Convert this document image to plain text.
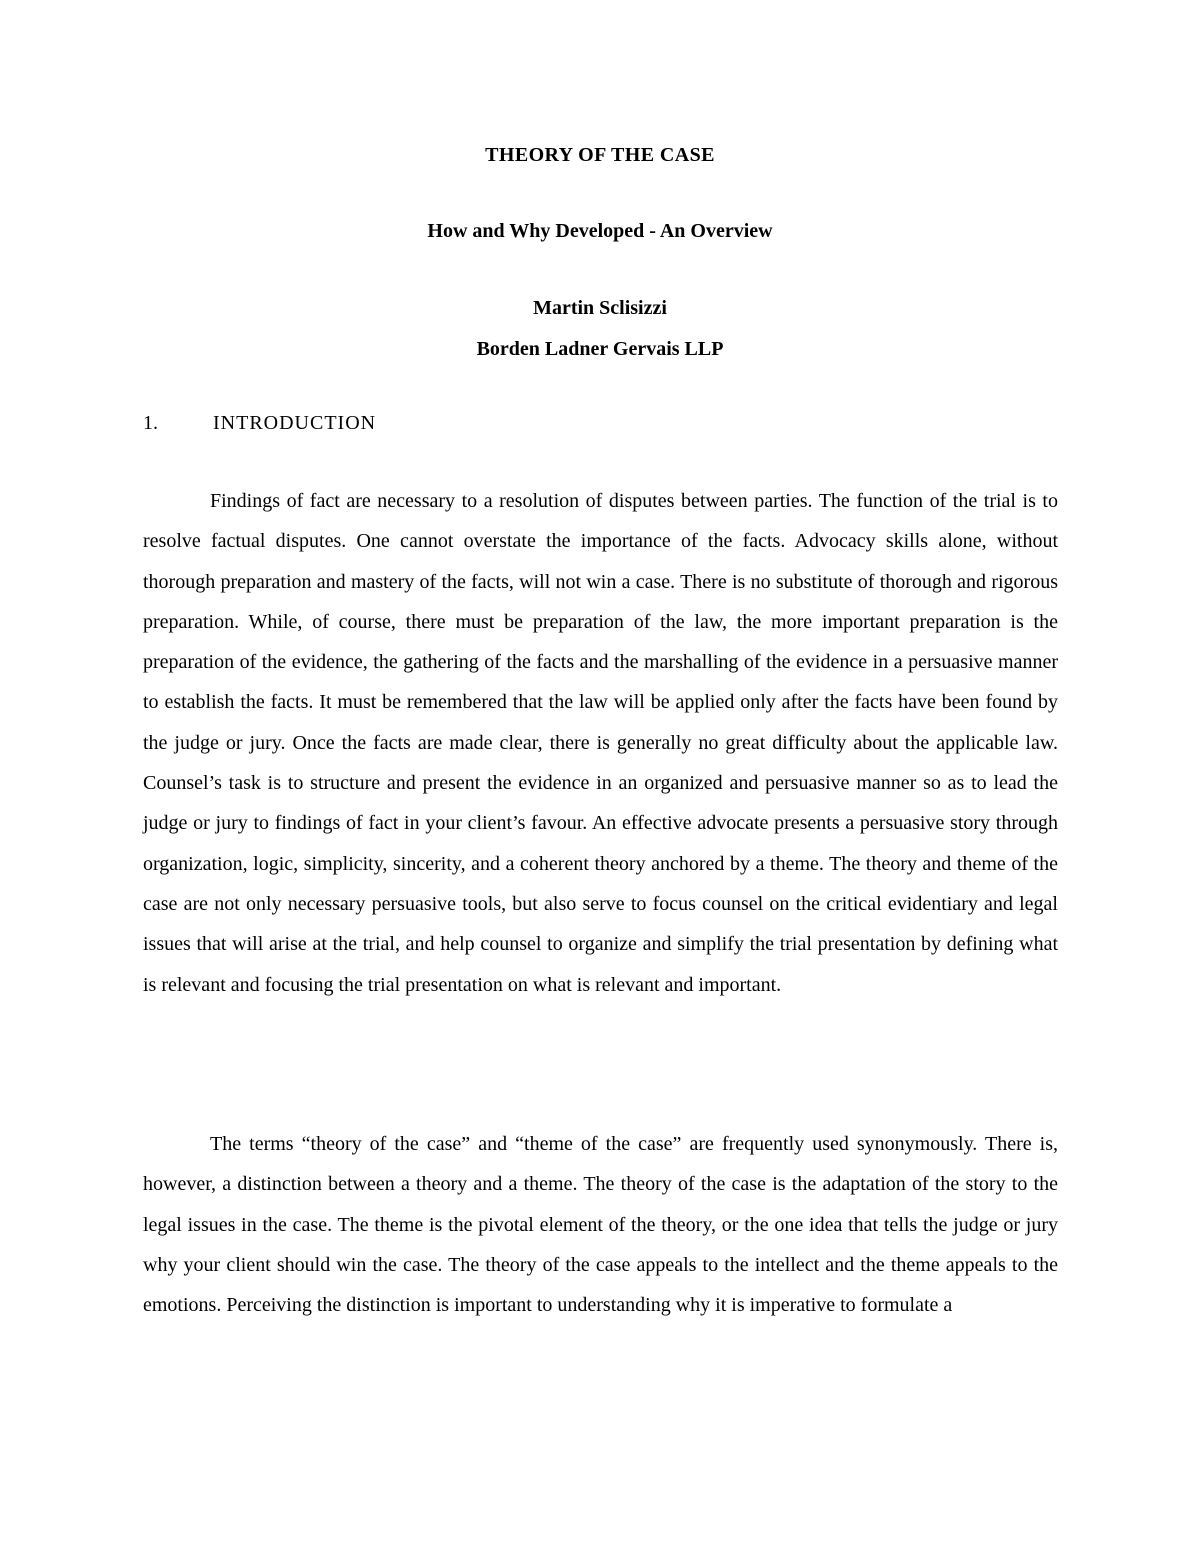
THEORY OF THE CASE
How and Why Developed - An Overview
Martin Sclisizzi
Borden Ladner Gervais LLP
1.	INTRODUCTION

Findings of fact are necessary to a resolution of disputes between parties. The function of the trial is to resolve factual disputes. One cannot overstate the importance of the facts. Advocacy skills alone, without thorough preparation and mastery of the facts, will not win a case. There is no substitute of thorough and rigorous preparation. While, of course, there must be preparation of the law, the more important preparation is the preparation of the evidence, the gathering of the facts and the marshalling of the evidence in a persuasive manner to establish the facts. It must be remembered that the law will be applied only after the facts have been found by the judge or jury. Once the facts are made clear, there is generally no great difficulty about the applicable law. Counsel’s task is to structure and present the evidence in an organized and persuasive manner so as to lead the judge or jury to findings of fact in your client’s favour. An effective advocate presents a persuasive story through organization, logic, simplicity, sincerity, and a coherent theory anchored by a theme. The theory and theme of the case are not only necessary persuasive tools, but also serve to focus counsel on the critical evidentiary and legal issues that will arise at the trial, and help counsel to organize and simplify the trial presentation by defining what is relevant and focusing the trial presentation on what is relevant and important.

The terms “theory of the case” and “theme of the case” are frequently used synonymously. There is, however, a distinction between a theory and a theme. The theory of the case is the adaptation of the story to the legal issues in the case. The theme is the pivotal element of the theory, or the one idea that tells the judge or jury why your client should win the case. The theory of the case appeals to the intellect and the theme appeals to the emotions. Perceiving the distinction is important to understanding why it is imperative to formulate a
